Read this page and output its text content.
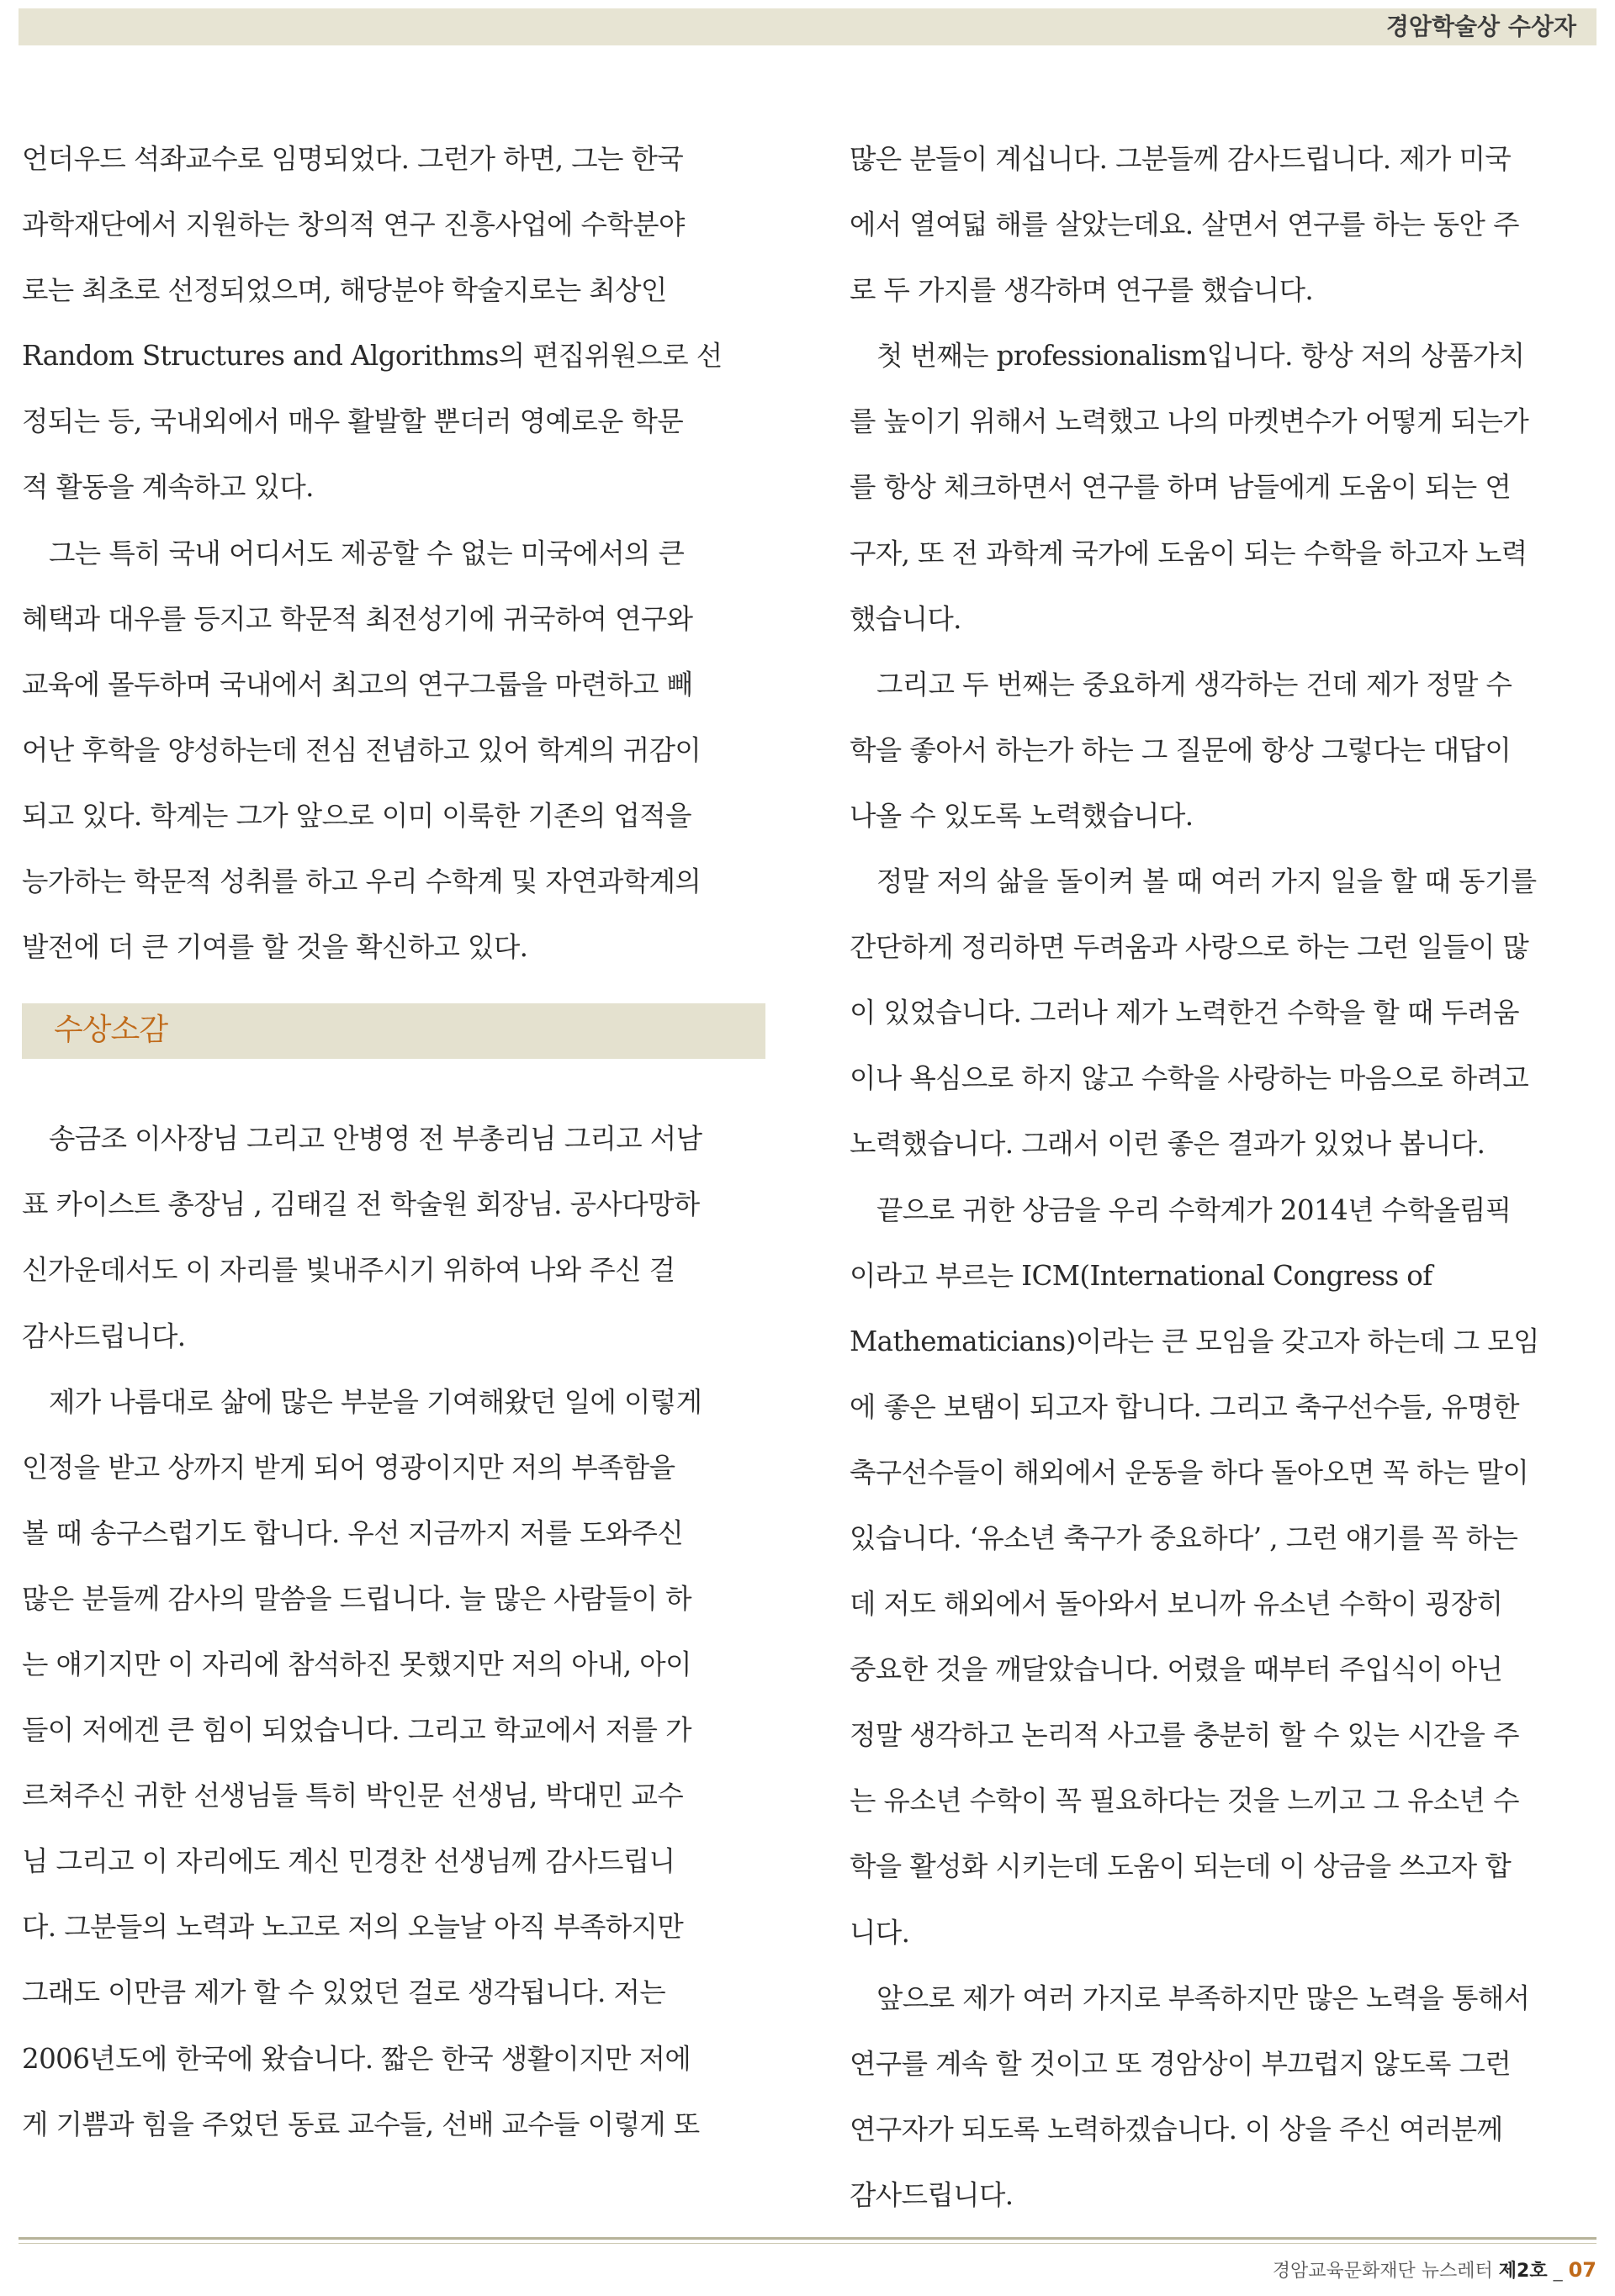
경암학술상 수상자

언더우드 석좌교수로 임명되었다. 그런가 하면, 그는 한국
과학재단에서 지원하는 창의적 연구 진흥사업에 수학분야
로는 최초로 선정되었으며, 해당분야 학술지로는 최상인
Random Structures and Algorithms의 편집위원으로 선
정되는 등, 국내외에서 매우 활발할 뿐더러 영예로운 학문
적 활동을 계속하고 있다.

그는 특히 국내 어디서도 제공할 수 없는 미국에서의 큰
혜택과 대우를 등지고 학문적 최전성기에 귀국하여 연구와
교육에 몰두하며 국내에서 최고의 연구그룹을 마련하고 빼
어난 후학을 양성하는데 전심 전념하고 있어 학계의 귀감이
되고 있다. 학계는 그가 앞으로 이미 이룩한 기존의 업적을
능가하는 학문적 성취를 하고 우리 수학계 및 자연과학계의
발전에 더 큰 기여를 할 것을 확신하고 있다.

수상소감

송금조 이사장님 그리고 안병영 전 부총리님 그리고 서남
표 카이스트 총장님 , 김태길 전 학술원 회장님. 공사다망하
신가운데서도 이 자리를 빛내주시기 위하여 나와 주신 걸
감사드립니다.

제가 나름대로 삶에 많은 부분을 기여해왔던 일에 이렇게
인정을 받고 상까지 받게 되어 영광이지만 저의 부족함을
볼 때 송구스럽기도 합니다. 우선 지금까지 저를 도와주신
많은 분들께 감사의 말씀을 드립니다. 늘 많은 사람들이 하
는 얘기지만 이 자리에 참석하진 못했지만 저의 아내, 아이
들이 저에겐 큰 힘이 되었습니다. 그리고 학교에서 저를 가
르쳐주신 귀한 선생님들 특히 박인문 선생님, 박대민 교수
님 그리고 이 자리에도 계신 민경찬 선생님께 감사드립니
다. 그분들의 노력과 노고로 저의 오늘날 아직 부족하지만
그래도 이만큼 제가 할 수 있었던 걸로 생각됩니다. 저는
2006년도에 한국에 왔습니다. 짧은 한국 생활이지만 저에
게 기쁨과 힘을 주었던 동료 교수들, 선배 교수들 이렇게 또

많은 분들이 계십니다. 그분들께 감사드립니다. 제가 미국
에서 열여덟 해를 살았는데요. 살면서 연구를 하는 동안 주
로 두 가지를 생각하며 연구를 했습니다.

첫 번째는 professionalism입니다. 항상 저의 상품가치
를 높이기 위해서 노력했고 나의 마켓변수가 어떻게 되는가
를 항상 체크하면서 연구를 하며 남들에게 도움이 되는 연
구자, 또 전 과학계 국가에 도움이 되는 수학을 하고자 노력
했습니다.

그리고 두 번째는 중요하게 생각하는 건데 제가 정말 수
학을 좋아서 하는가 하는 그 질문에 항상 그렇다는 대답이
나올 수 있도록 노력했습니다.

정말 저의 삶을 돌이켜 볼 때 여러 가지 일을 할 때 동기를
간단하게 정리하면 두려움과 사랑으로 하는 그런 일들이 많
이 있었습니다. 그러나 제가 노력한건 수학을 할 때 두려움
이나 욕심으로 하지 않고 수학을 사랑하는 마음으로 하려고
노력했습니다. 그래서 이런 좋은 결과가 있었나 봅니다.

끝으로 귀한 상금을 우리 수학계가 2014년 수학올림픽
이라고 부르는 ICM(International Congress of
Mathematicians)이라는 큰 모임을 갖고자 하는데 그 모임
에 좋은 보탬이 되고자 합니다. 그리고 축구선수들, 유명한
축구선수들이 해외에서 운동을 하다 돌아오면 꼭 하는 말이
있습니다. ‘유소년 축구가 중요하다’ , 그런 얘기를 꼭 하는
데 저도 해외에서 돌아와서 보니까 유소년 수학이 굉장히
중요한 것을 깨달았습니다. 어렸을 때부터 주입식이 아닌
정말 생각하고 논리적 사고를 충분히 할 수 있는 시간을 주
는 유소년 수학이 꼭 필요하다는 것을 느끼고 그 유소년 수
학을 활성화 시키는데 도움이 되는데 이 상금을 쓰고자 합
니다.

앞으로 제가 여러 가지로 부족하지만 많은 노력을 통해서
연구를 계속 할 것이고 또 경암상이 부끄럽지 않도록 그런
연구자가 되도록 노력하겠습니다. 이 상을 주신 여러분께
감사드립니다.

경암교육문화재단 뉴스레터 제2호 _ 07
